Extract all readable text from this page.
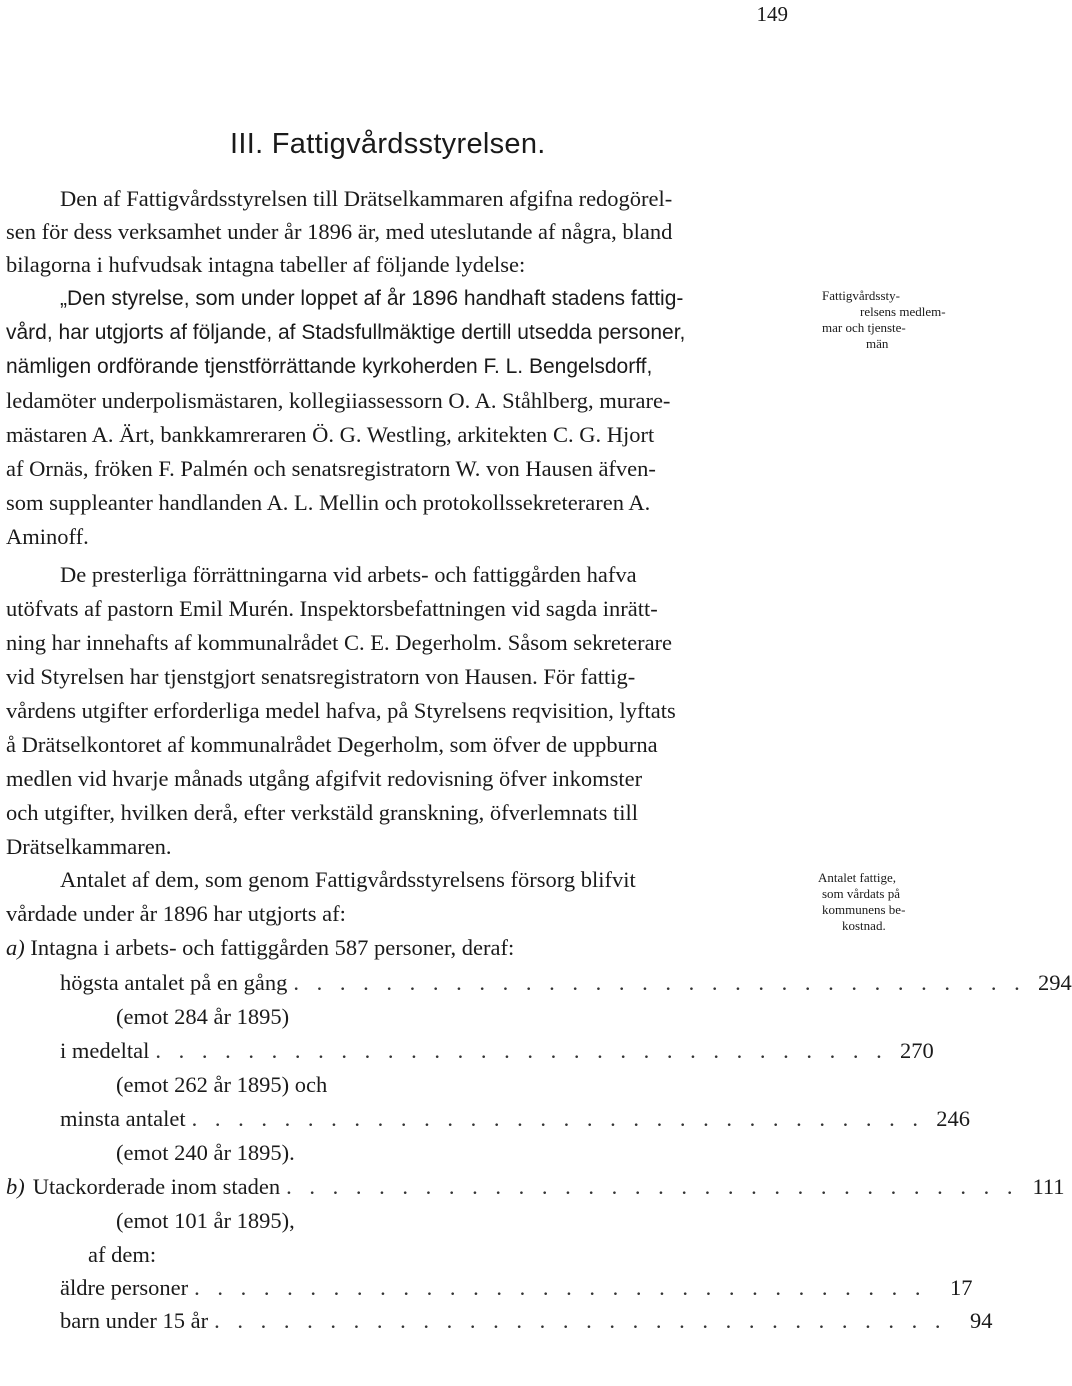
149
III. Fattigvårdsstyrelsen.
Den af Fattigvårdsstyrelsen till Drätselkammaren afgifna redogörel-
sen för dess verksamhet under år 1896 är, med uteslutande af några, bland
bilagorna i hufvudsak intagna tabeller af följande lydelse:
„Den styrelse, som under loppet af år 1896 handhaft stadens fattig-
vård, har utgjorts af följande, af Stadsfullmäktige dertill utsedda personer,
nämligen ordförande tjenstförrättande kyrkoherden F. L. Bengelsdorff,
ledamöter underpolismästaren, kollegiiassessorn O. A. Ståhlberg, murare-
mästaren A. Ärt, bankkamreraren Ö. G. Westling, arkitekten C. G. Hjort
af Ornäs, fröken F. Palmén och senatsregistratorn W. von Hausen äfven-
som suppleanter handlanden A. L. Mellin och protokollssekreteraren A.
Aminoff.
De presterliga förrättningarna vid arbets- och fattiggården hafva
utöfvats af pastorn Emil Murén. Inspektorsbefattningen vid sagda inrätt-
ning har innehafts af kommunalrådet C. E. Degerholm. Såsom sekreterare
vid Styrelsen har tjenstgjort senatsregistratorn von Hausen. För fattig-
vårdens utgifter erforderliga medel hafva, på Styrelsens reqvisition, lyftats
å Drätselkontoret af kommunalrådet Degerholm, som öfver de uppburna
medlen vid hvarje månads utgång afgifvit redovisning öfver inkomster
och utgifter, hvilken derå, efter verkstäld granskning, öfverlemnats till
Drätselkammaren.
Antalet af dem, som genom Fattigvårdsstyrelsens försorg blifvit
vårdade under år 1896 har utgjorts af:
a) Intagna i arbets- och fattiggården 587 personer, deraf:
högsta antalet på en gång . . . . . . . . . . . . . . . . . . . . . . . . . . . . . . . . 294
(emot 284 år 1895)
i medeltal . . . . . . . . . . . . . . . . . . . . . . . . . . . . . . . . 270
(emot 262 år 1895) och
minsta antalet . . . . . . . . . . . . . . . . . . . . . . . . . . . . . . . . 246
(emot 240 år 1895).
b) Utackorderade inom staden . . . . . . . . . . . . . . . . . . . . . . . . . . . . . . . . 111
(emot 101 år 1895),
af dem:
äldre personer . . . . . . . . . . . . . . . . . . . . . . . . . . . . . . . .	17
barn under 15 år . . . . . . . . . . . . . . . . . . . . . . . . . . . . . . . .	94
Fattigvårdssty-
relsens medlem-
mar och tjenste-
män
Antalet fattige,
som vårdats på
kommunens be-
kostnad.
